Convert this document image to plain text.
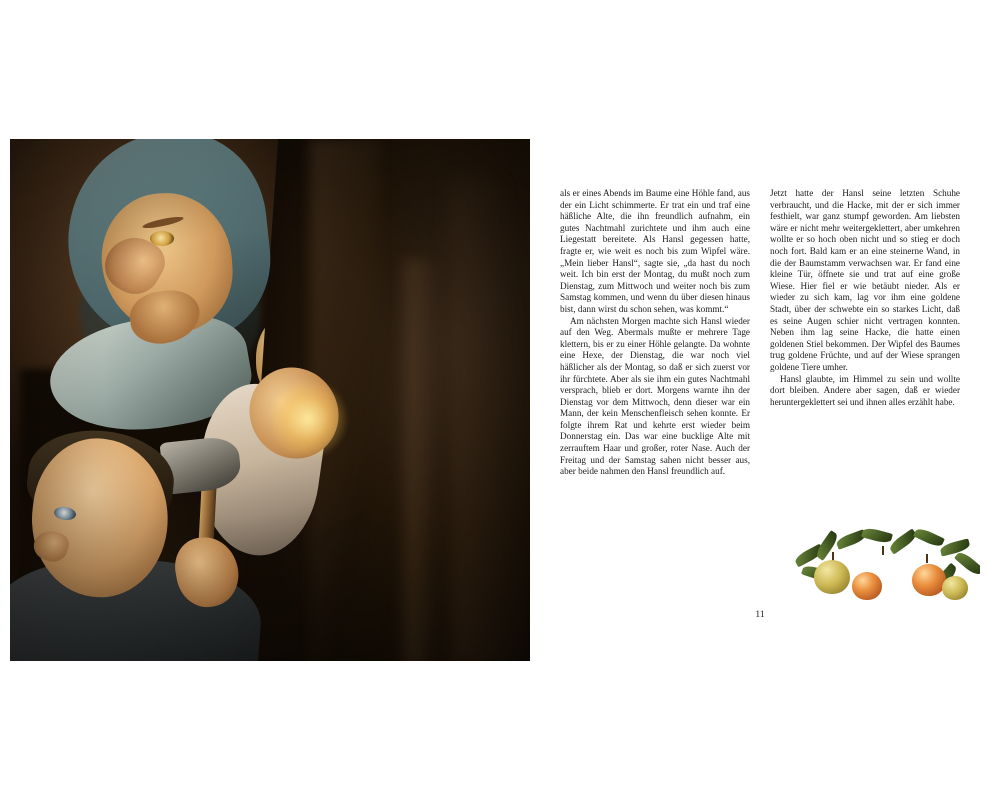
als er eines Abends im Baume eine Höhle fand, aus der ein Licht schimmerte. Er trat ein und traf eine häßliche Alte, die ihn freundlich aufnahm, ein gutes Nachtmahl zurichtete und ihm auch eine Liegestatt bereitete. Als Hansl gegessen hatte, fragte er, wie weit es noch bis zum Wipfel wäre. „Mein lieber Hansl“, sagte sie, „da hast du noch weit. Ich bin erst der Montag, du mußt noch zum Dienstag, zum Mittwoch und weiter noch bis zum Samstag kommen, und wenn du über diesen hinaus bist, dann wirst du schon sehen, was kommt.“

Am nächsten Morgen machte sich Hansl wieder auf den Weg. Abermals mußte er mehrere Tage klettern, bis er zu einer Höhle gelangte. Da wohnte eine Hexe, der Dienstag, die war noch viel häßlicher als der Montag, so daß er sich zuerst vor ihr fürchtete. Aber als sie ihm ein gutes Nachtmahl versprach, blieb er dort. Morgens warnte ihn der Dienstag vor dem Mittwoch, denn dieser war ein Mann, der kein Menschenfleisch sehen konnte. Er folgte ihrem Rat und kehrte erst wieder beim Donnerstag ein. Das war eine bucklige Alte mit zerrauftem Haar und großer, roter Nase. Auch der Freitag und der Samstag sahen nicht besser aus, aber beide nahmen den Hansl freundlich auf.

Jetzt hatte der Hansl seine letzten Schuhe verbraucht, und die Hacke, mit der er sich immer festhielt, war ganz stumpf geworden. Am liebsten wäre er nicht mehr weitergeklettert, aber umkehren wollte er so hoch oben nicht und so stieg er doch noch fort. Bald kam er an eine steinerne Wand, in die der Baumstamm verwachsen war. Er fand eine kleine Tür, öffnete sie und trat auf eine große Wiese. Hier fiel er wie betäubt nieder. Als er wieder zu sich kam, lag vor ihm eine goldene Stadt, über der schwebte ein so starkes Licht, daß es seine Augen schier nicht vertragen konnten. Neben ihm lag seine Hacke, die hatte einen goldenen Stiel bekommen. Der Wipfel des Baumes trug goldene Früchte, und auf der Wiese sprangen goldene Tiere umher.

Hansl glaubte, im Himmel zu sein und wollte dort bleiben. Andere aber sagen, daß er wieder heruntergeklettert sei und ihnen alles erzählt habe.

11
